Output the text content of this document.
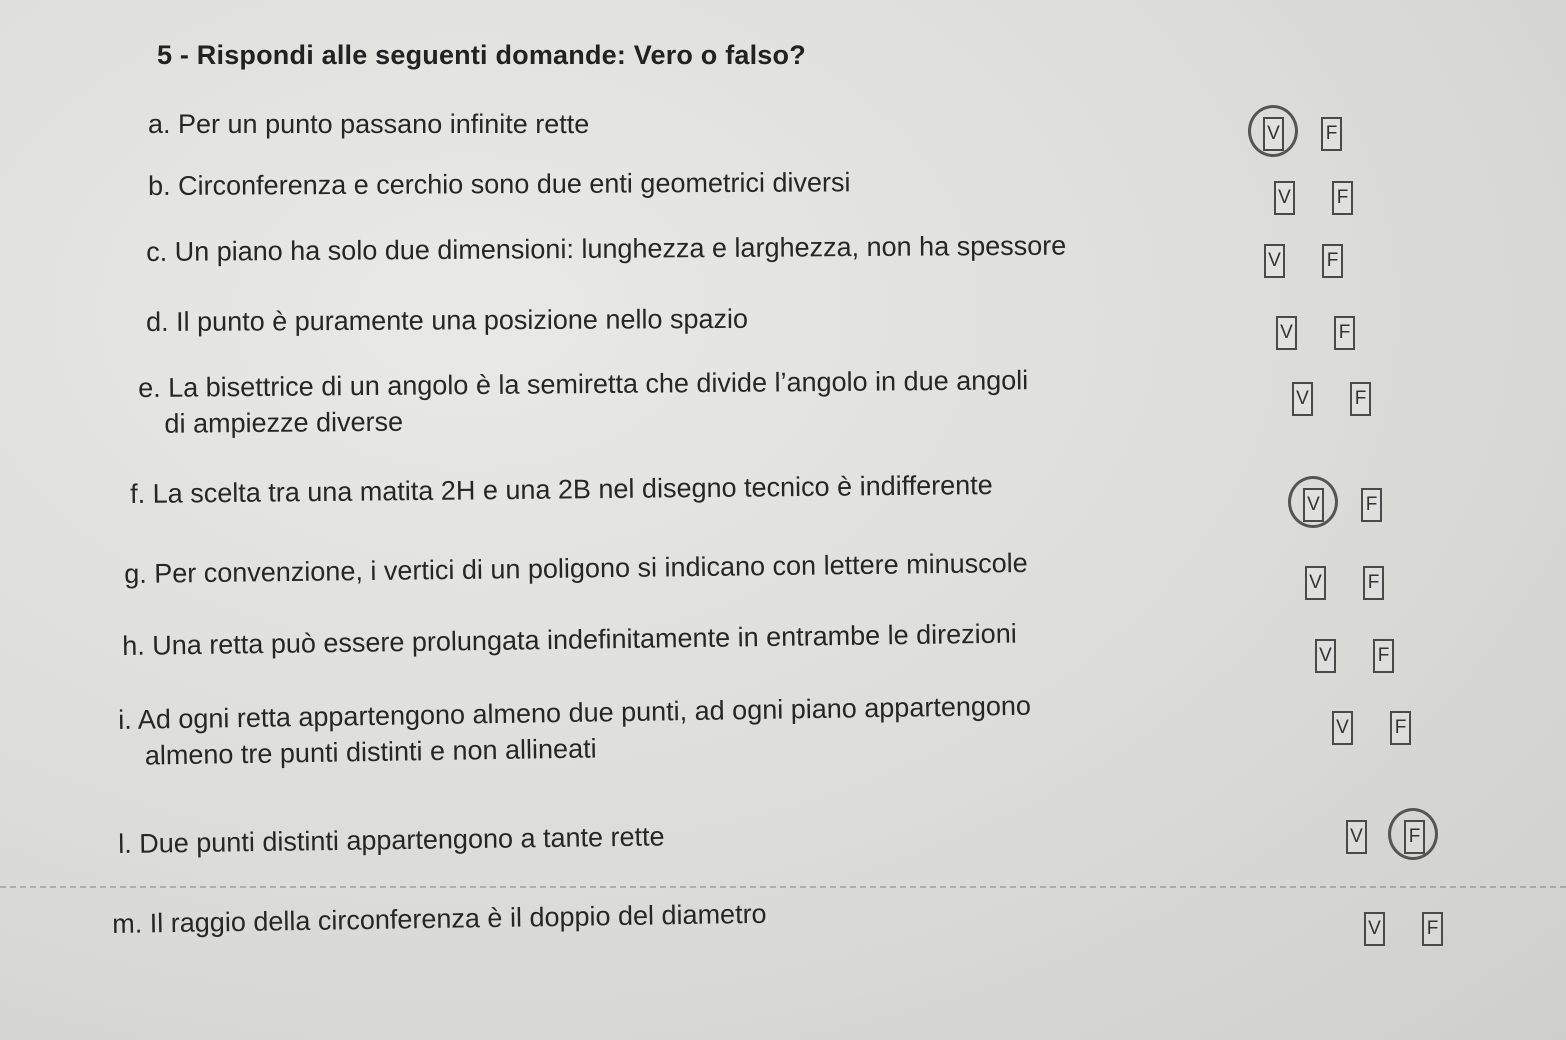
5 - Rispondi alle seguenti domande: Vero o falso?
a. Per un punto passano infinite rette	V F
b. Circonferenza e cerchio sono due enti geometrici diversi	V F
c. Un piano ha solo due dimensioni: lunghezza e larghezza, non ha spessore	V F
d. Il punto è puramente una posizione nello spazio	V F
e. La bisettrice di un angolo è la semiretta che divide l’angolo in due angoli
di ampiezze diverse
V F
f. La scelta tra una matita 2H e una 2B nel disegno tecnico è indifferente	V F
g. Per convenzione, i vertici di un poligono si indicano con lettere minuscole	V F
h. Una retta può essere prolungata indefinitamente in entrambe le direzioni	V F
i. Ad ogni retta appartengono almeno due punti, ad ogni piano appartengono
almeno tre punti distinti e non allineati
V F
l. Due punti distinti appartengono a tante rette	V F
m. Il raggio della circonferenza è il doppio del diametro	V F
